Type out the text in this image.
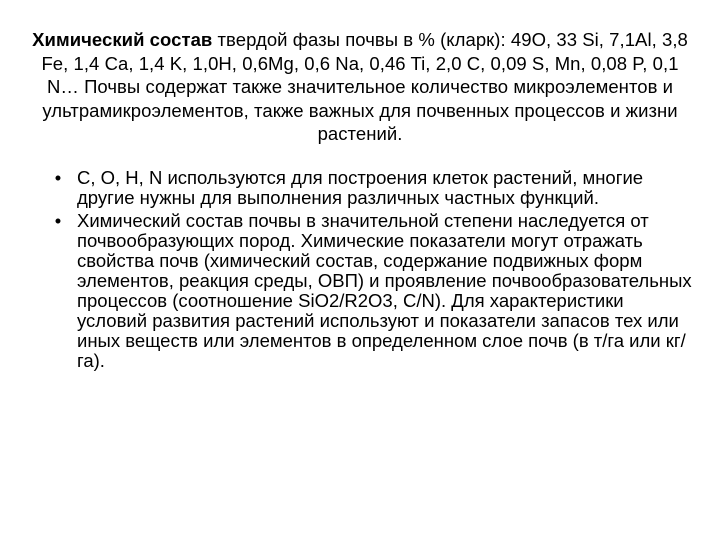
Химический состав твердой фазы почвы в % (кларк): 49О, 33 Si, 7,1Al, 3,8 Fe, 1,4 Ca, 1,4 K, 1,0H, 0,6Mg, 0,6 Na, 0,46 Ti, 2,0 C, 0,09 S, Mn, 0,08 P, 0,1 N… Почвы содержат также значительное количество микроэлементов и ультрамикроэлементов, также важных для почвенных процессов и жизни растений.
• C, O, H, N используются для построения клеток растений, многие другие нужны для выполнения различных частных функций.
• Химический состав почвы в значительной степени наследуется от почвообразующих пород. Химические показатели могут отражать свойства почв (химический состав, содержание подвижных форм элементов, реакция среды, ОВП) и проявление почвообразовательных процессов (соотношение SiO2/R2O3, C/N). Для характеристики условий развития растений используют и показатели запасов тех или иных веществ или элементов в определенном слое почв (в т/га или кг/га).
